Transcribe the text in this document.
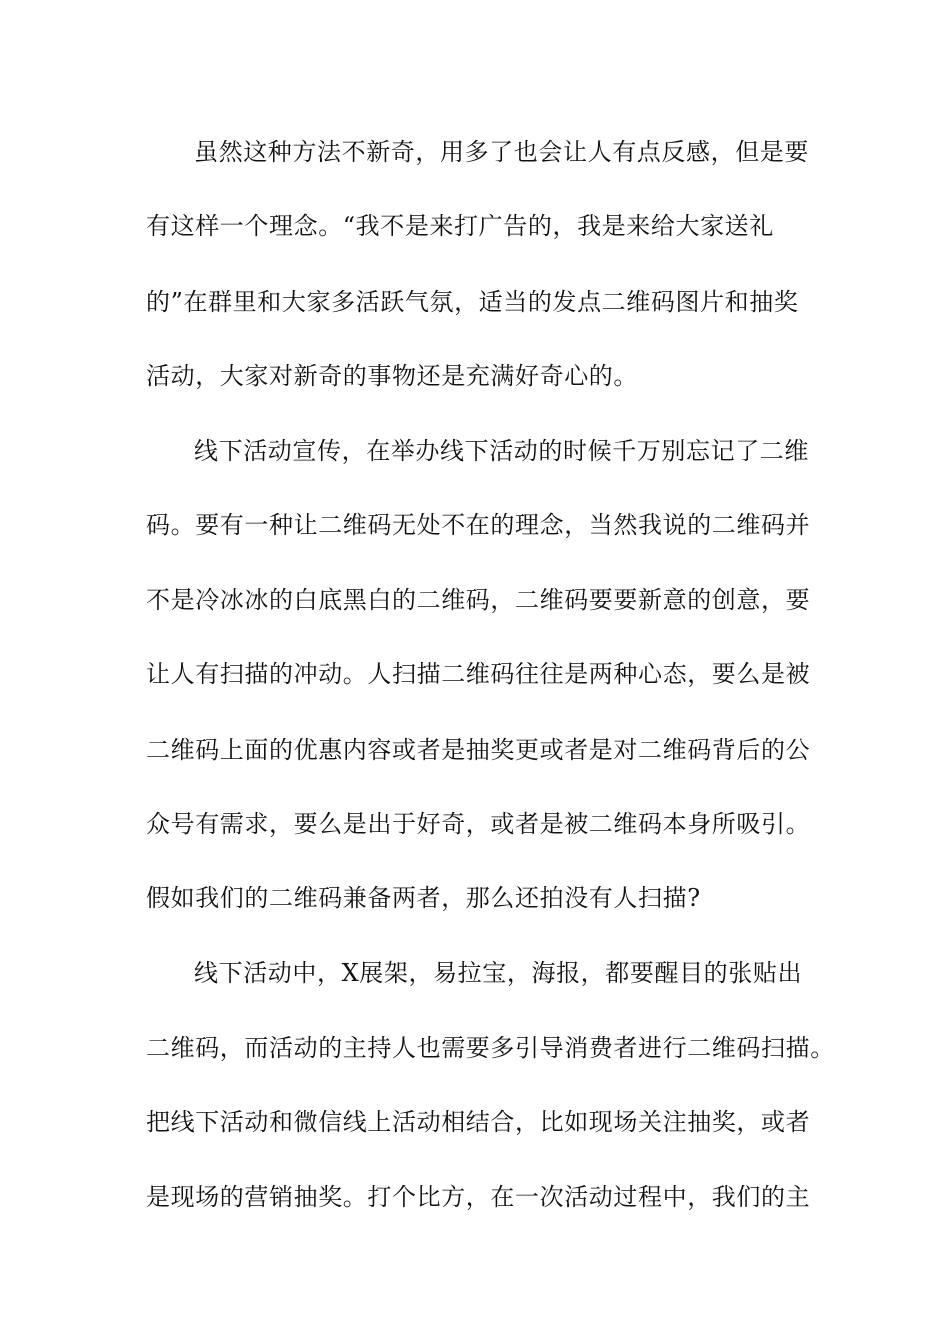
虽然这种方法不新奇，用多了也会让人有点反感，但是要
有这样一个理念。“我不是来打广告的，我是来给大家送礼
的”在群里和大家多活跃气氛，适当的发点二维码图片和抽奖
活动，大家对新奇的事物还是充满好奇心的。
线下活动宣传，在举办线下活动的时候千万别忘记了二维
码。要有一种让二维码无处不在的理念，当然我说的二维码并
不是冷冰冰的白底黑白的二维码，二维码要要新意的创意，要
让人有扫描的冲动。人扫描二维码往往是两种心态，要么是被
二维码上面的优惠内容或者是抽奖更或者是对二维码背后的公
众号有需求，要么是出于好奇，或者是被二维码本身所吸引。
假如我们的二维码兼备两者，那么还拍没有人扫描?
线下活动中，X展架，易拉宝，海报，都要醒目的张贴出
二维码，而活动的主持人也需要多引导消费者进行二维码扫描。
把线下活动和微信线上活动相结合，比如现场关注抽奖，或者
是现场的营销抽奖。打个比方，在一次活动过程中，我们的主
